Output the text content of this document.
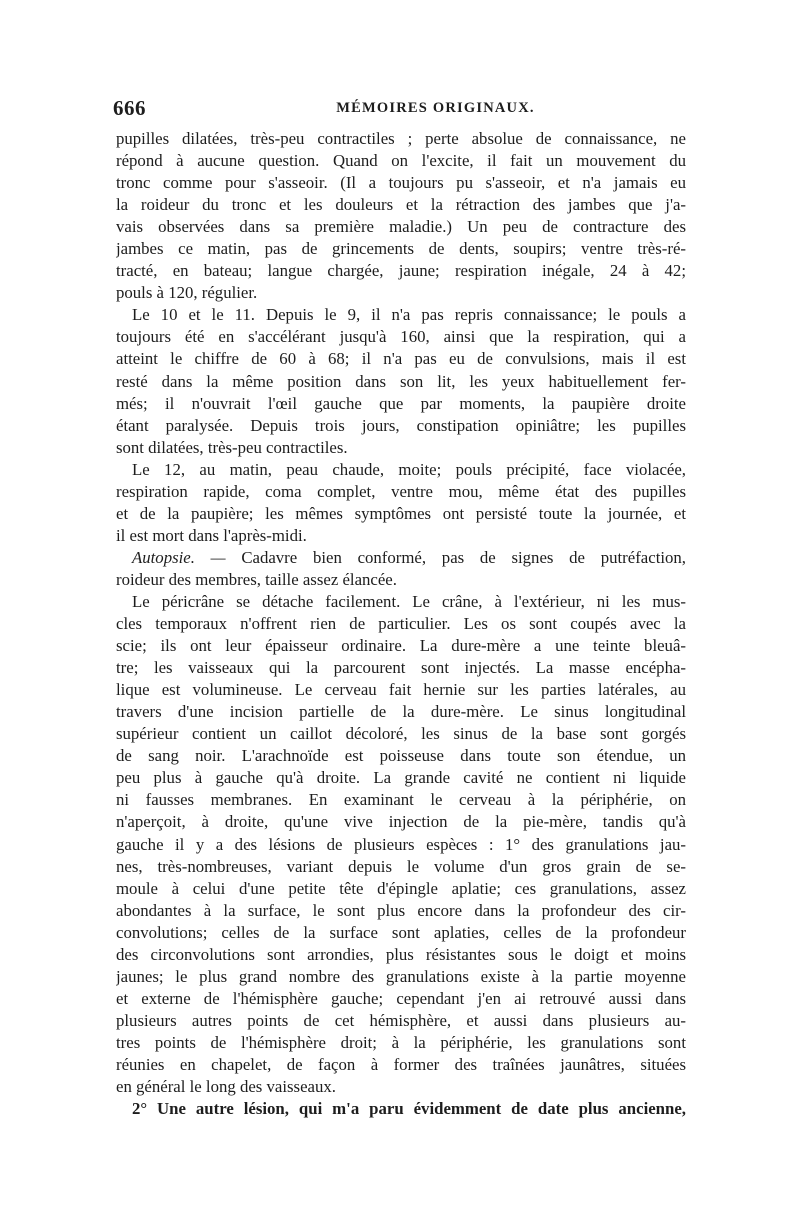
666	MÉMOIRES ORIGINAUX.
pupilles dilatées, très-peu contractiles ; perte absolue de connaissance, ne
répond à aucune question. Quand on l'excite, il fait un mouvement du
tronc comme pour s'asseoir. (Il a toujours pu s'asseoir, et n'a jamais eu
la roideur du tronc et les douleurs et la rétraction des jambes que j'a-
vais observées dans sa première maladie.) Un peu de contracture des
jambes ce matin, pas de grincements de dents, soupirs; ventre très-ré-
tracté, en bateau; langue chargée, jaune; respiration inégale, 24 à 42;
pouls à 120, régulier.
Le 10 et le 11. Depuis le 9, il n'a pas repris connaissance; le pouls a
toujours été en s'accélérant jusqu'à 160, ainsi que la respiration, qui a
atteint le chiffre de 60 à 68; il n'a pas eu de convulsions, mais il est
resté dans la même position dans son lit, les yeux habituellement fer-
més; il n'ouvrait l'œil gauche que par moments, la paupière droite
étant paralysée. Depuis trois jours, constipation opiniâtre; les pupilles
sont dilatées, très-peu contractiles.
Le 12, au matin, peau chaude, moite; pouls précipité, face violacée,
respiration rapide, coma complet, ventre mou, même état des pupilles
et de la paupière; les mêmes symptômes ont persisté toute la journée, et
il est mort dans l'après-midi.
Autopsie. — Cadavre bien conformé, pas de signes de putréfaction,
roideur des membres, taille assez élancée.
Le péricrâne se détache facilement. Le crâne, à l'extérieur, ni les mus-
cles temporaux n'offrent rien de particulier. Les os sont coupés avec la
scie; ils ont leur épaisseur ordinaire. La dure-mère a une teinte bleuâ-
tre; les vaisseaux qui la parcourent sont injectés. La masse encépha-
lique est volumineuse. Le cerveau fait hernie sur les parties latérales, au
travers d'une incision partielle de la dure-mère. Le sinus longitudinal
supérieur contient un caillot décoloré, les sinus de la base sont gorgés
de sang noir. L'arachnoïde est poisseuse dans toute son étendue, un
peu plus à gauche qu'à droite. La grande cavité ne contient ni liquide
ni fausses membranes. En examinant le cerveau à la périphérie, on
n'aperçoit, à droite, qu'une vive injection de la pie-mère, tandis qu'à
gauche il y a des lésions de plusieurs espèces : 1° des granulations jau-
nes, très-nombreuses, variant depuis le volume d'un gros grain de se-
moule à celui d'une petite tête d'épingle aplatie; ces granulations, assez
abondantes à la surface, le sont plus encore dans la profondeur des cir-
convolutions; celles de la surface sont aplaties, celles de la profondeur
des circonvolutions sont arrondies, plus résistantes sous le doigt et moins
jaunes; le plus grand nombre des granulations existe à la partie moyenne
et externe de l'hémisphère gauche; cependant j'en ai retrouvé aussi dans
plusieurs autres points de cet hémisphère, et aussi dans plusieurs au-
tres points de l'hémisphère droit; à la périphérie, les granulations sont
réunies en chapelet, de façon à former des traînées jaunâtres, situées
en général le long des vaisseaux.
2° Une autre lésion, qui m'a paru évidemment de date plus ancienne,
